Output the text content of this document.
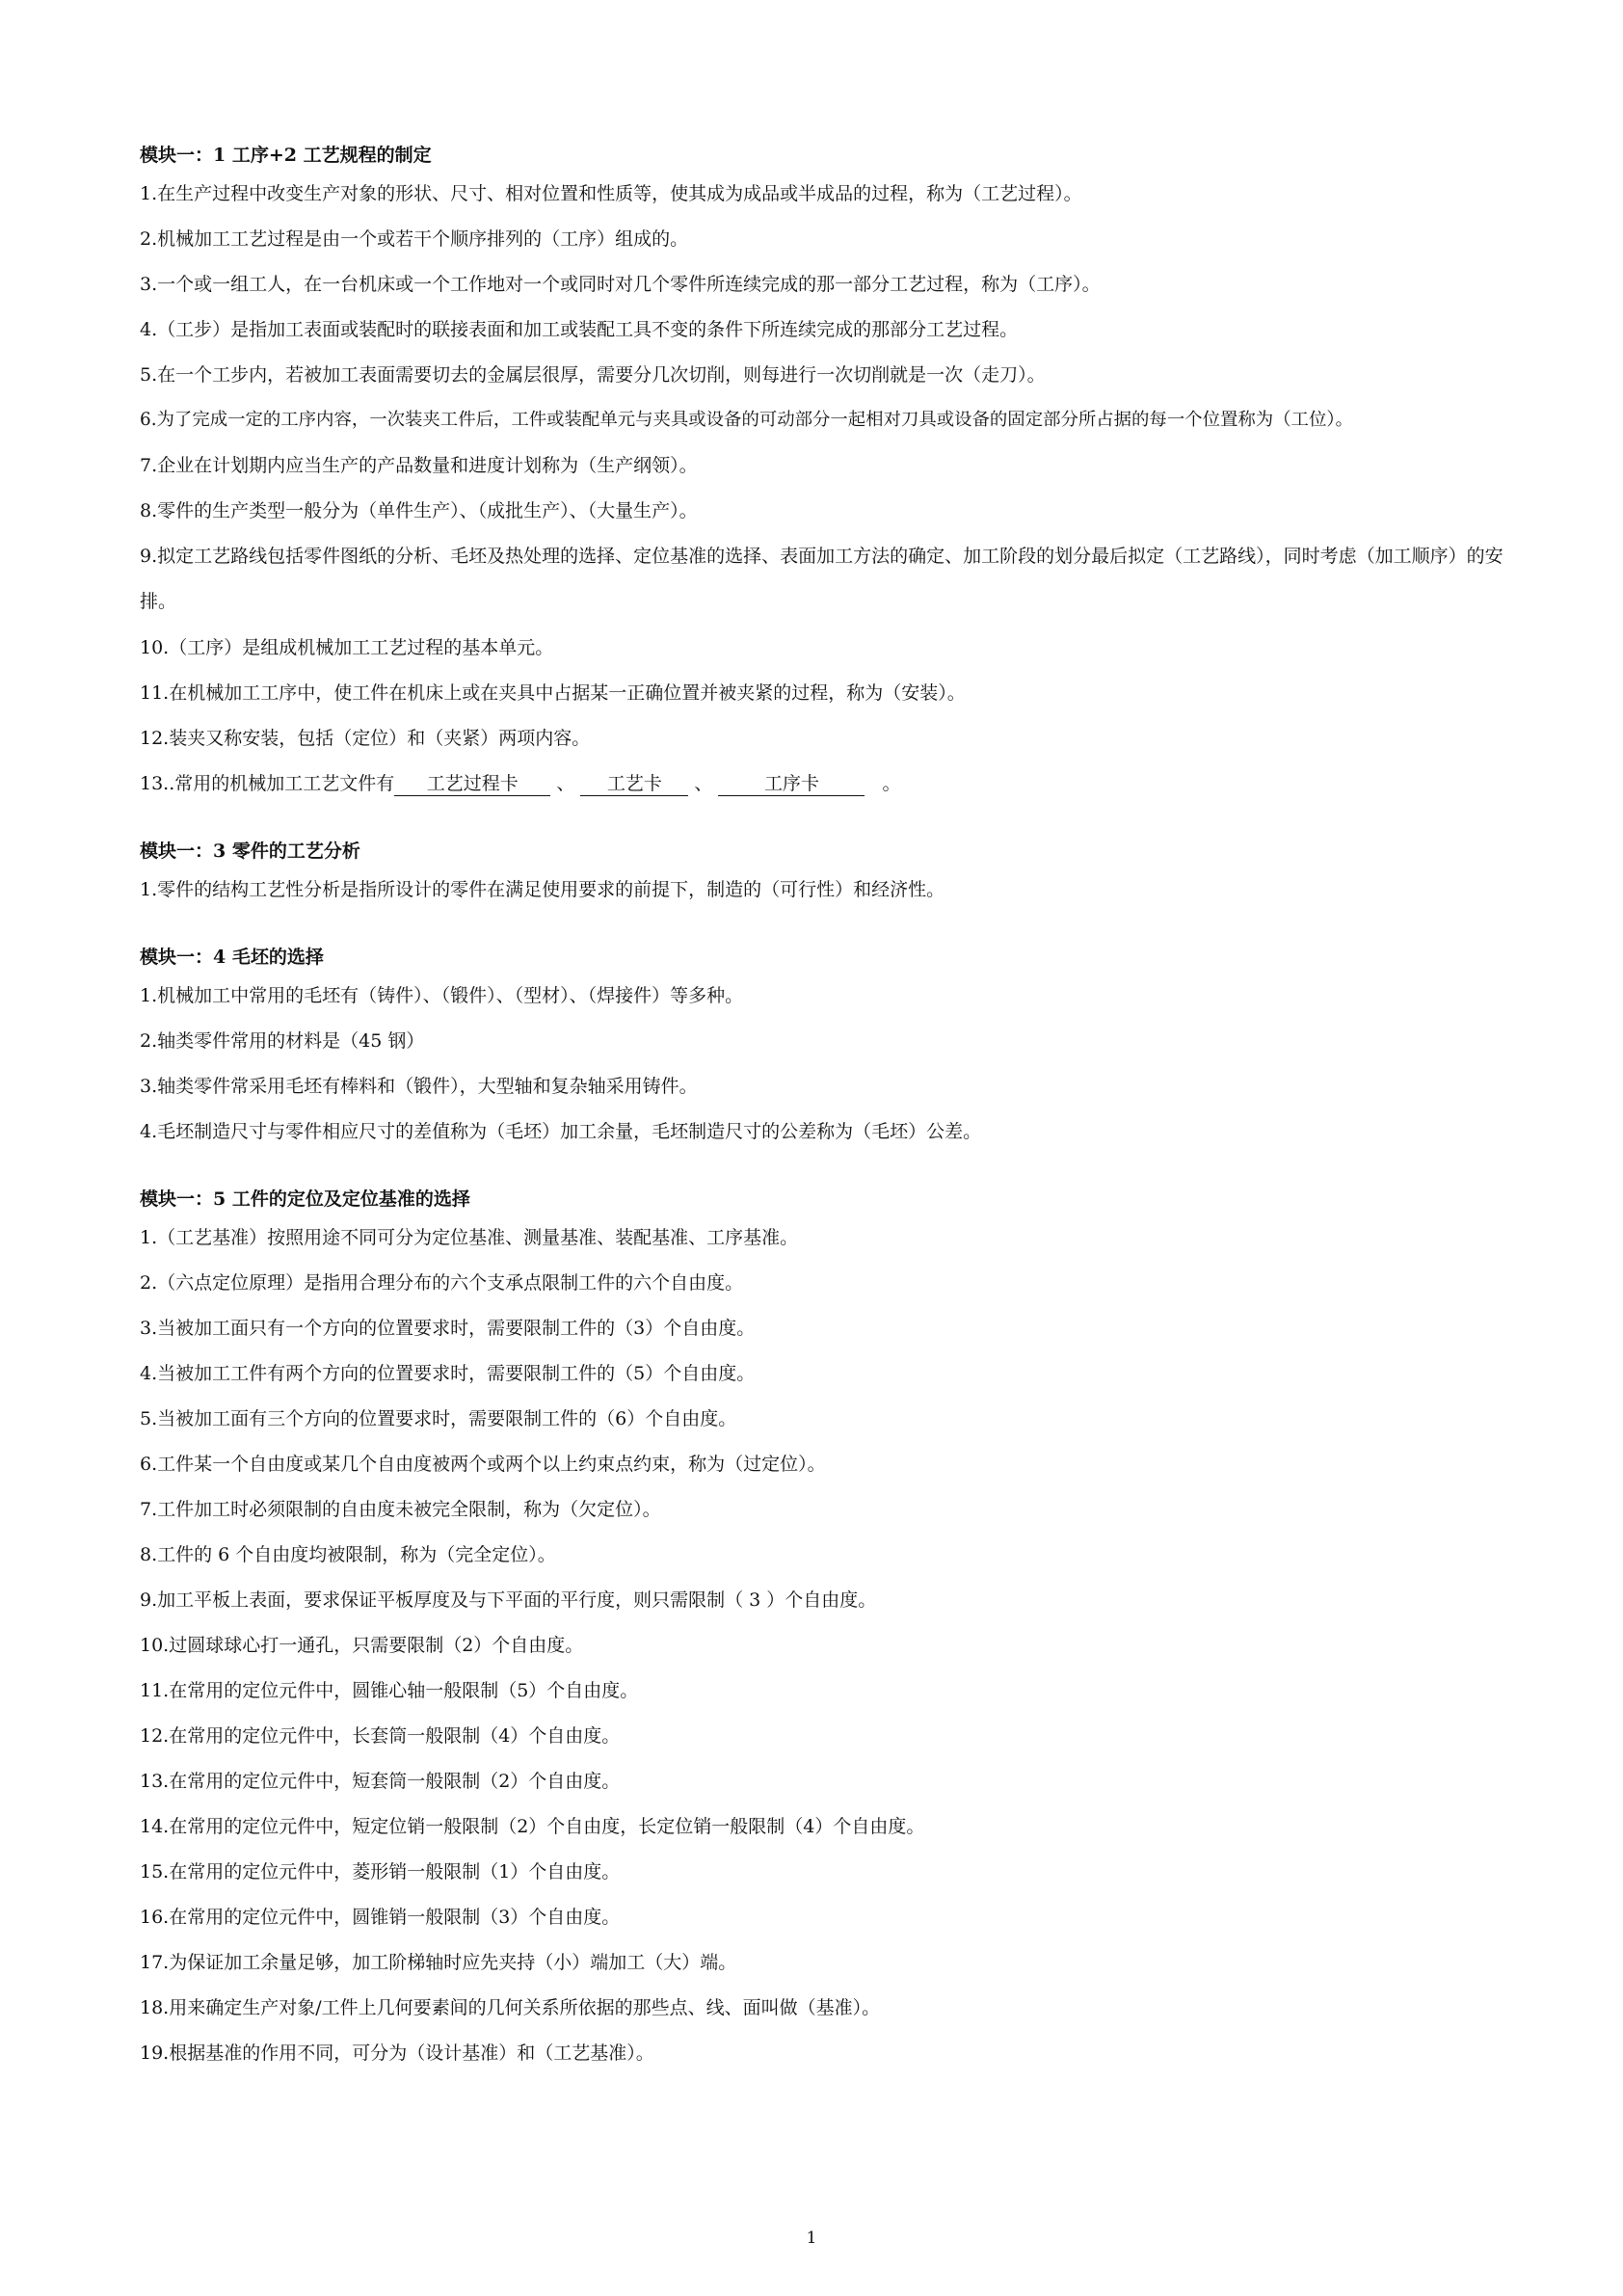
模块一：1 工序+2 工艺规程的制定
1.在生产过程中改变生产对象的形状、尺寸、相对位置和性质等，使其成为成品或半成品的过程，称为（工艺过程）。
2.机械加工工艺过程是由一个或若干个顺序排列的（工序）组成的。
3.一个或一组工人，在一台机床或一个工作地对一个或同时对几个零件所连续完成的那一部分工艺过程，称为（工序）。
4.（工步）是指加工表面或装配时的联接表面和加工或装配工具不变的条件下所连续完成的那部分工艺过程。
5.在一个工步内，若被加工表面需要切去的金属层很厚，需要分几次切削，则每进行一次切削就是一次（走刀）。
6.为了完成一定的工序内容，一次装夹工件后，工件或装配单元与夹具或设备的可动部分一起相对刀具或设备的固定部分所占据的每一个位置称为（工位）。
7.企业在计划期内应当生产的产品数量和进度计划称为（生产纲领）。
8.零件的生产类型一般分为（单件生产）、（成批生产）、（大量生产）。
9.拟定工艺路线包括零件图纸的分析、毛坯及热处理的选择、定位基准的选择、表面加工方法的确定、加工阶段的划分最后拟定（工艺路线），同时考虑（加工顺序）的安排。
10.（工序）是组成机械加工工艺过程的基本单元。
11.在机械加工工序中，使工件在机床上或在夹具中占据某一正确位置并被夹紧的过程，称为（安装）。
12.装夹又称安装，包括（定位）和（夹紧）两项内容。
13..常用的机械加工工艺文件有 工艺过程卡 、 工艺卡 、	工序卡	。
模块一：3 零件的工艺分析
1.零件的结构工艺性分析是指所设计的零件在满足使用要求的前提下，制造的（可行性）和经济性。
模块一：4 毛坯的选择
1.机械加工中常用的毛坯有（铸件）、（锻件）、（型材）、（焊接件）等多种。
2.轴类零件常用的材料是（45 钢）
3.轴类零件常采用毛坯有棒料和（锻件），大型轴和复杂轴采用铸件。
4.毛坯制造尺寸与零件相应尺寸的差值称为（毛坯）加工余量，毛坯制造尺寸的公差称为（毛坯）公差。
模块一：5 工件的定位及定位基准的选择
1.（工艺基准）按照用途不同可分为定位基准、测量基准、装配基准、工序基准。
2.（六点定位原理）是指用合理分布的六个支承点限制工件的六个自由度。
3.当被加工面只有一个方向的位置要求时，需要限制工件的（3）个自由度。
4.当被加工工件有两个方向的位置要求时，需要限制工件的（5）个自由度。
5.当被加工面有三个方向的位置要求时，需要限制工件的（6）个自由度。
6.工件某一个自由度或某几个自由度被两个或两个以上约束点约束，称为（过定位）。
7.工件加工时必须限制的自由度未被完全限制，称为（欠定位）。
8.工件的 6 个自由度均被限制，称为（完全定位）。
9.加工平板上表面，要求保证平板厚度及与下平面的平行度，则只需限制（ 3 ）个自由度。
10.过圆球球心打一通孔，只需要限制（2）个自由度。
11.在常用的定位元件中，圆锥心轴一般限制（5）个自由度。
12.在常用的定位元件中，长套筒一般限制（4）个自由度。
13.在常用的定位元件中，短套筒一般限制（2）个自由度。
14.在常用的定位元件中，短定位销一般限制（2）个自由度，长定位销一般限制（4）个自由度。
15.在常用的定位元件中，菱形销一般限制（1）个自由度。
16.在常用的定位元件中，圆锥销一般限制（3）个自由度。
17.为保证加工余量足够，加工阶梯轴时应先夹持（小）端加工（大）端。
18.用来确定生产对象/工件上几何要素间的几何关系所依据的那些点、线、面叫做（基准）。
19.根据基准的作用不同，可分为（设计基准）和（工艺基准）。
1
